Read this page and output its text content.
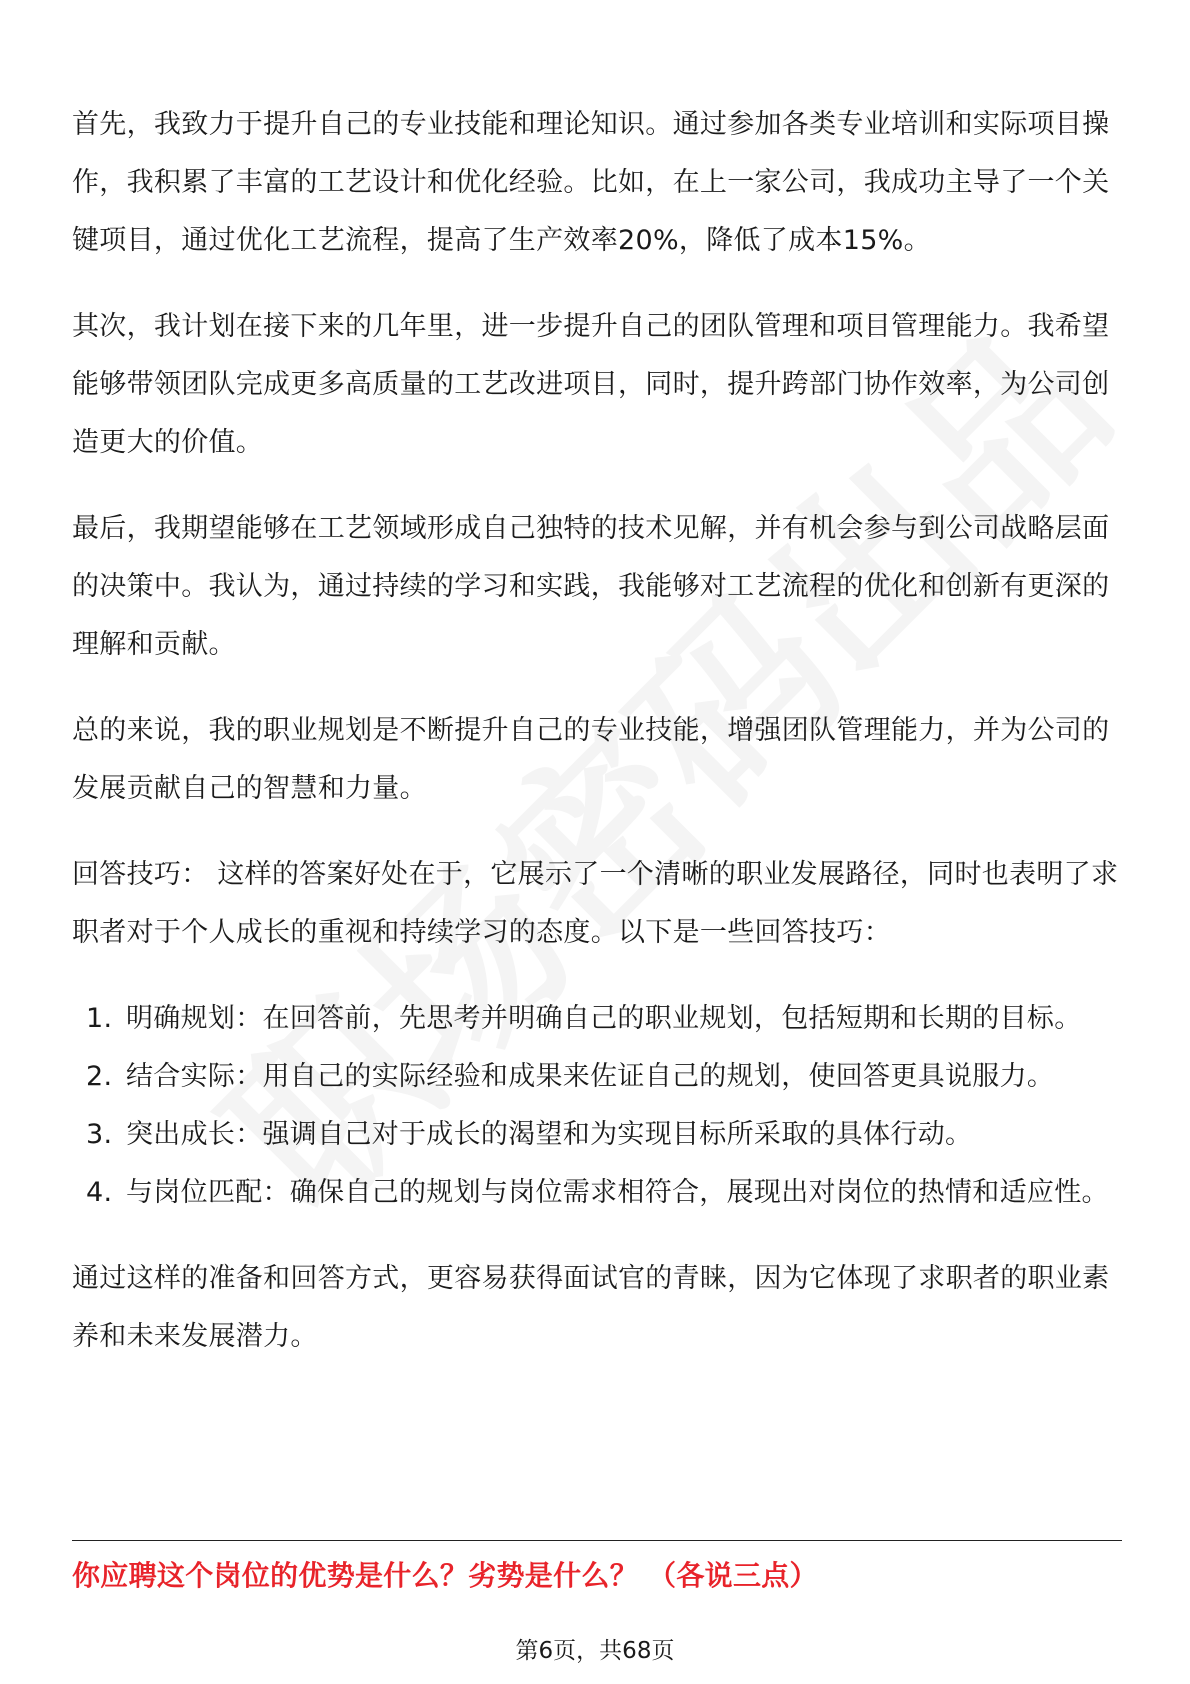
首先，我致力于提升自己的专业技能和理论知识。通过参加各类专业培训和实际项目操作，我积累了丰富的工艺设计和优化经验。比如，在上一家公司，我成功主导了一个关键项目，通过优化工艺流程，提高了生产效率20%，降低了成本15%。

其次，我计划在接下来的几年里，进一步提升自己的团队管理和项目管理能力。我希望能够带领团队完成更多高质量的工艺改进项目，同时，提升跨部门协作效率，为公司创造更大的价值。

最后，我期望能够在工艺领域形成自己独特的技术见解，并有机会参与到公司战略层面的决策中。我认为，通过持续的学习和实践，我能够对工艺流程的优化和创新有更深的理解和贡献。

总的来说，我的职业规划是不断提升自己的专业技能，增强团队管理能力，并为公司的发展贡献自己的智慧和力量。

回答技巧： 这样的答案好处在于，它展示了一个清晰的职业发展路径，同时也表明了求职者对于个人成长的重视和持续学习的态度。以下是一些回答技巧：

1. 明确规划：在回答前，先思考并明确自己的职业规划，包括短期和长期的目标。
2. 结合实际：用自己的实际经验和成果来佐证自己的规划，使回答更具说服力。
3. 突出成长：强调自己对于成长的渴望和为实现目标所采取的具体行动。
4. 与岗位匹配：确保自己的规划与岗位需求相符合，展现出对岗位的热情和适应性。

通过这样的准备和回答方式，更容易获得面试官的青睐，因为它体现了求职者的职业素养和未来发展潜力。

你应聘这个岗位的优势是什么？劣势是什么？ （各说三点）
第6页，共68页
